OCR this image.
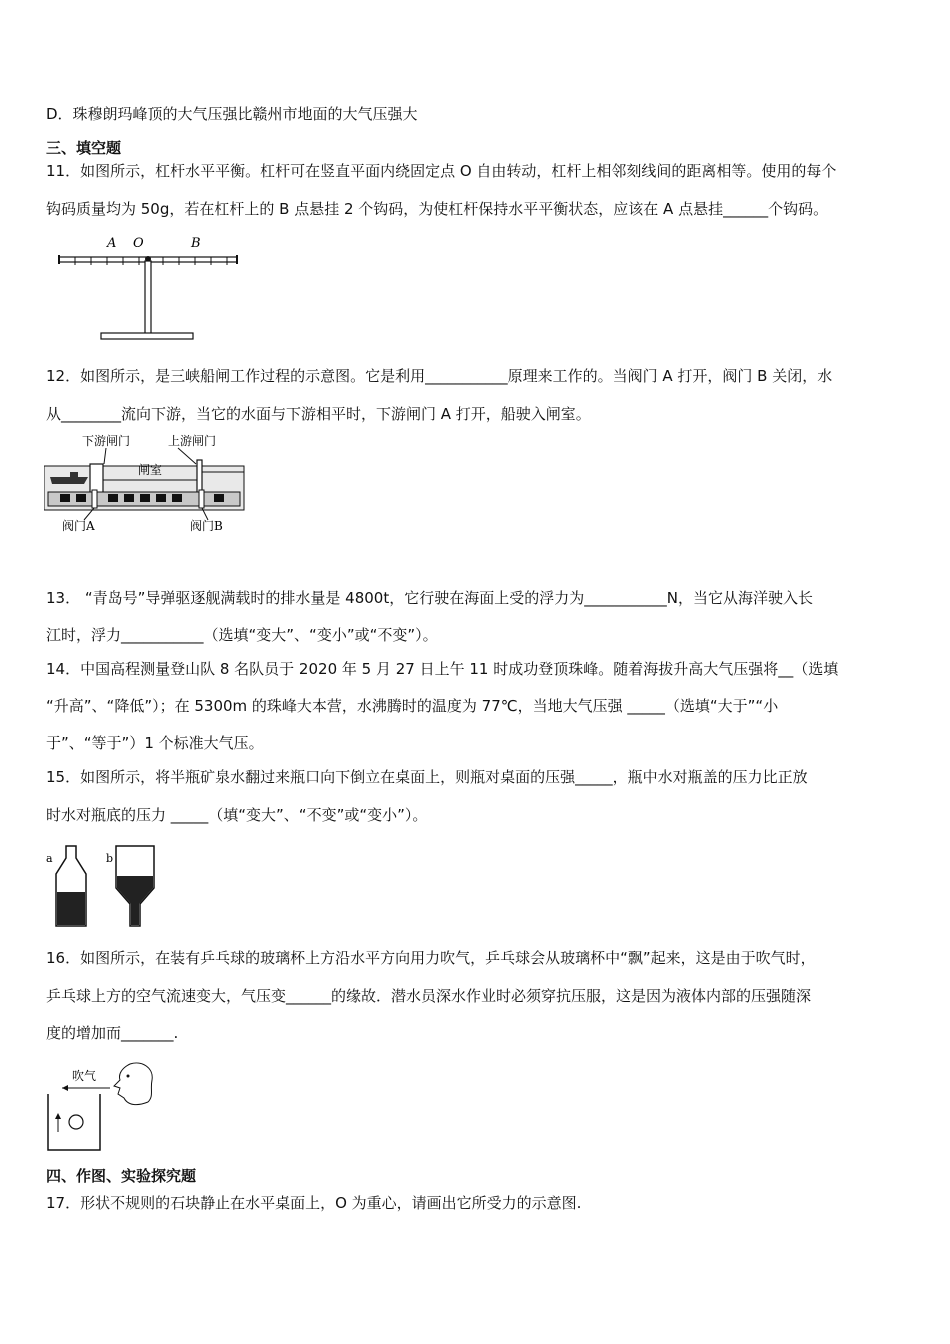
D．珠穆朗玛峰顶的大气压强比赣州市地面的大气压强大
三、填空题
11．如图所示，杠杆水平平衡。杠杆可在竖直平面内绕固定点 O 自由转动，杠杆上相邻刻线间的距离相等。使用的每个
钩码质量均为 50g，若在杠杆上的 B 点悬挂 2 个钩码，为使杠杆保持水平平衡状态，应该在 A 点悬挂______个钩码。
A O	B
12．如图所示，是三峡船闸工作过程的示意图。它是利用___________原理来工作的。当阀门 A 打开，阀门 B 关闭，水
从________流向下游，当它的水面与下游相平时，下游闸门 A 打开，船驶入闸室。
下游闸门	上游闸门
闸室
阀门A	阀门B
13． “青岛号”导弹驱逐舰满载时的排水量是 4800t，它行驶在海面上受的浮力为___________N，当它从海洋驶入长
江时，浮力___________（选填“变大”、“变小”或“不变”）。
14．中国高程测量登山队 8 名队员于 2020 年 5 月 27 日上午 11 时成功登顶珠峰。随着海拔升高大气压强将__（选填
“升高”、“降低”）；在 5300m 的珠峰大本营，水沸腾时的温度为 77℃，当地大气压强 _____（选填“大于”“小
于”、“等于”）1 个标准大气压。
15．如图所示，将半瓶矿泉水翻过来瓶口向下倒立在桌面上，则瓶对桌面的压强_____，瓶中水对瓶盖的压力比正放
时水对瓶底的压力 _____（填“变大”、“不变”或“变小”）。
a	b
16．如图所示，在装有乒乓球的玻璃杯上方沿水平方向用力吹气，乒乓球会从玻璃杯中“飘”起来，这是由于吹气时，
乒乓球上方的空气流速变大，气压变______的缘故．潜水员深水作业时必须穿抗压服，这是因为液体内部的压强随深
度的增加而_______.
吹气
四、作图、实验探究题
17．形状不规则的石块静止在水平桌面上，O 为重心，请画出它所受力的示意图.
